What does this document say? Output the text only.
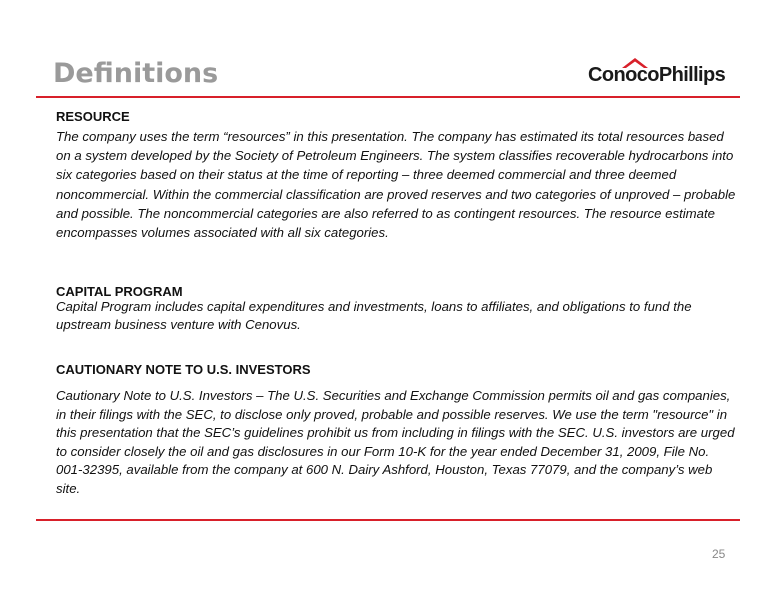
Definitions	ConocoPhillips
RESOURCE

The company uses the term “resources” in this presentation. The company has estimated its total resources based on a system developed by the Society of Petroleum Engineers. The system classifies recoverable hydrocarbons into six categories based on their status at the time of reporting – three deemed commercial and three deemed noncommercial. Within the commercial classification are proved reserves and two categories of unproved – probable and possible. The noncommercial categories are also referred to as contingent resources. The resource estimate encompasses volumes associated with all six categories.

CAPITAL PROGRAM

Capital Program includes capital expenditures and investments, loans to affiliates, and obligations to fund the upstream business venture with Cenovus.

CAUTIONARY NOTE TO U.S. INVESTORS

Cautionary Note to U.S. Investors – The U.S. Securities and Exchange Commission permits oil and gas companies, in their filings with the SEC, to disclose only proved, probable and possible reserves. We use the term "resource" in this presentation that the SEC’s guidelines prohibit us from including in filings with the SEC. U.S. investors are urged to consider closely the oil and gas disclosures in our Form 10-K for the year ended December 31, 2009, File No. 001-32395, available from the company at 600 N. Dairy Ashford, Houston, Texas 77079, and the company’s web site.

25
